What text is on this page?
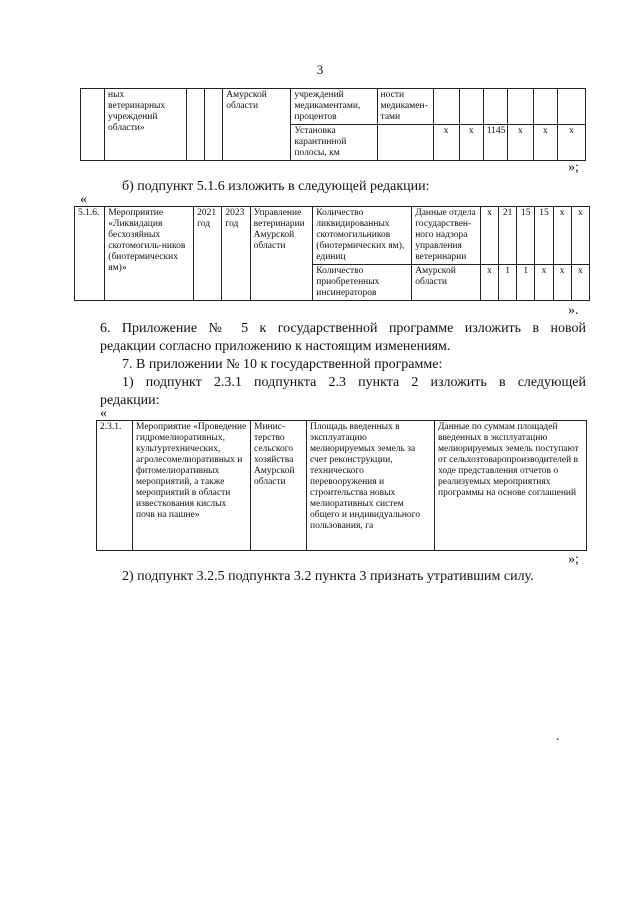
3
	ных ветеринарных учреждений области»			Амурской области	учреждений медикаментами, процентов	ности медикамен-тами						
					Установка карантинной полосы, км		х	х	1145	х	х	х
»;
б) подпункт 5.1.6 изложить в следующей редакции:
«
5.1.6.	Мероприятие «Ликвидация бесхозяйных скотомогиль-ников (биотермических ям)»	2021 год	2023 год	Управление ветеринарии Амурской области	Количество ликвидированных скотомогильников (биотермических ям), единиц	Данные отдела государствен-ного надзора управления ветеринарии	х	21	15	15	х	х
					Количество приобретенных инсинераторов	Амурской области	х	1	1	х	х	х
».
6. Приложение № 5 к государственной программе изложить в новой
редакции согласно приложению к настоящим изменениям.
7. В приложении № 10 к государственной программе:
1) подпункт 2.3.1 подпункта 2.3 пункта 2 изложить в следующей
редакции:
«
2.3.1.	Мероприятие «Проведение гидромелиоративных, культуртехнических, агролесомелиоративных и фитомелиоративных мероприятий, а также мероприятий в области известкования кислых почв на пашне»	Минис-терство сельского хозяйства Амурской области	Площадь введенных в эксплуатацию мелиорируемых земель за счет реконструкции, технического перевооружения и строительства новых мелиоративных систем общего и индивидуального пользования, га	Данные по суммам площадей введенных в эксплуатацию мелиорируемых земель поступают от сельхозтоваропроизводителей в ходе представления отчетов о реализуемых мероприятиях программы на основе соглашений
»;
2) подпункт 3.2.5 подпункта 3.2 пункта 3 признать утратившим силу.
.
